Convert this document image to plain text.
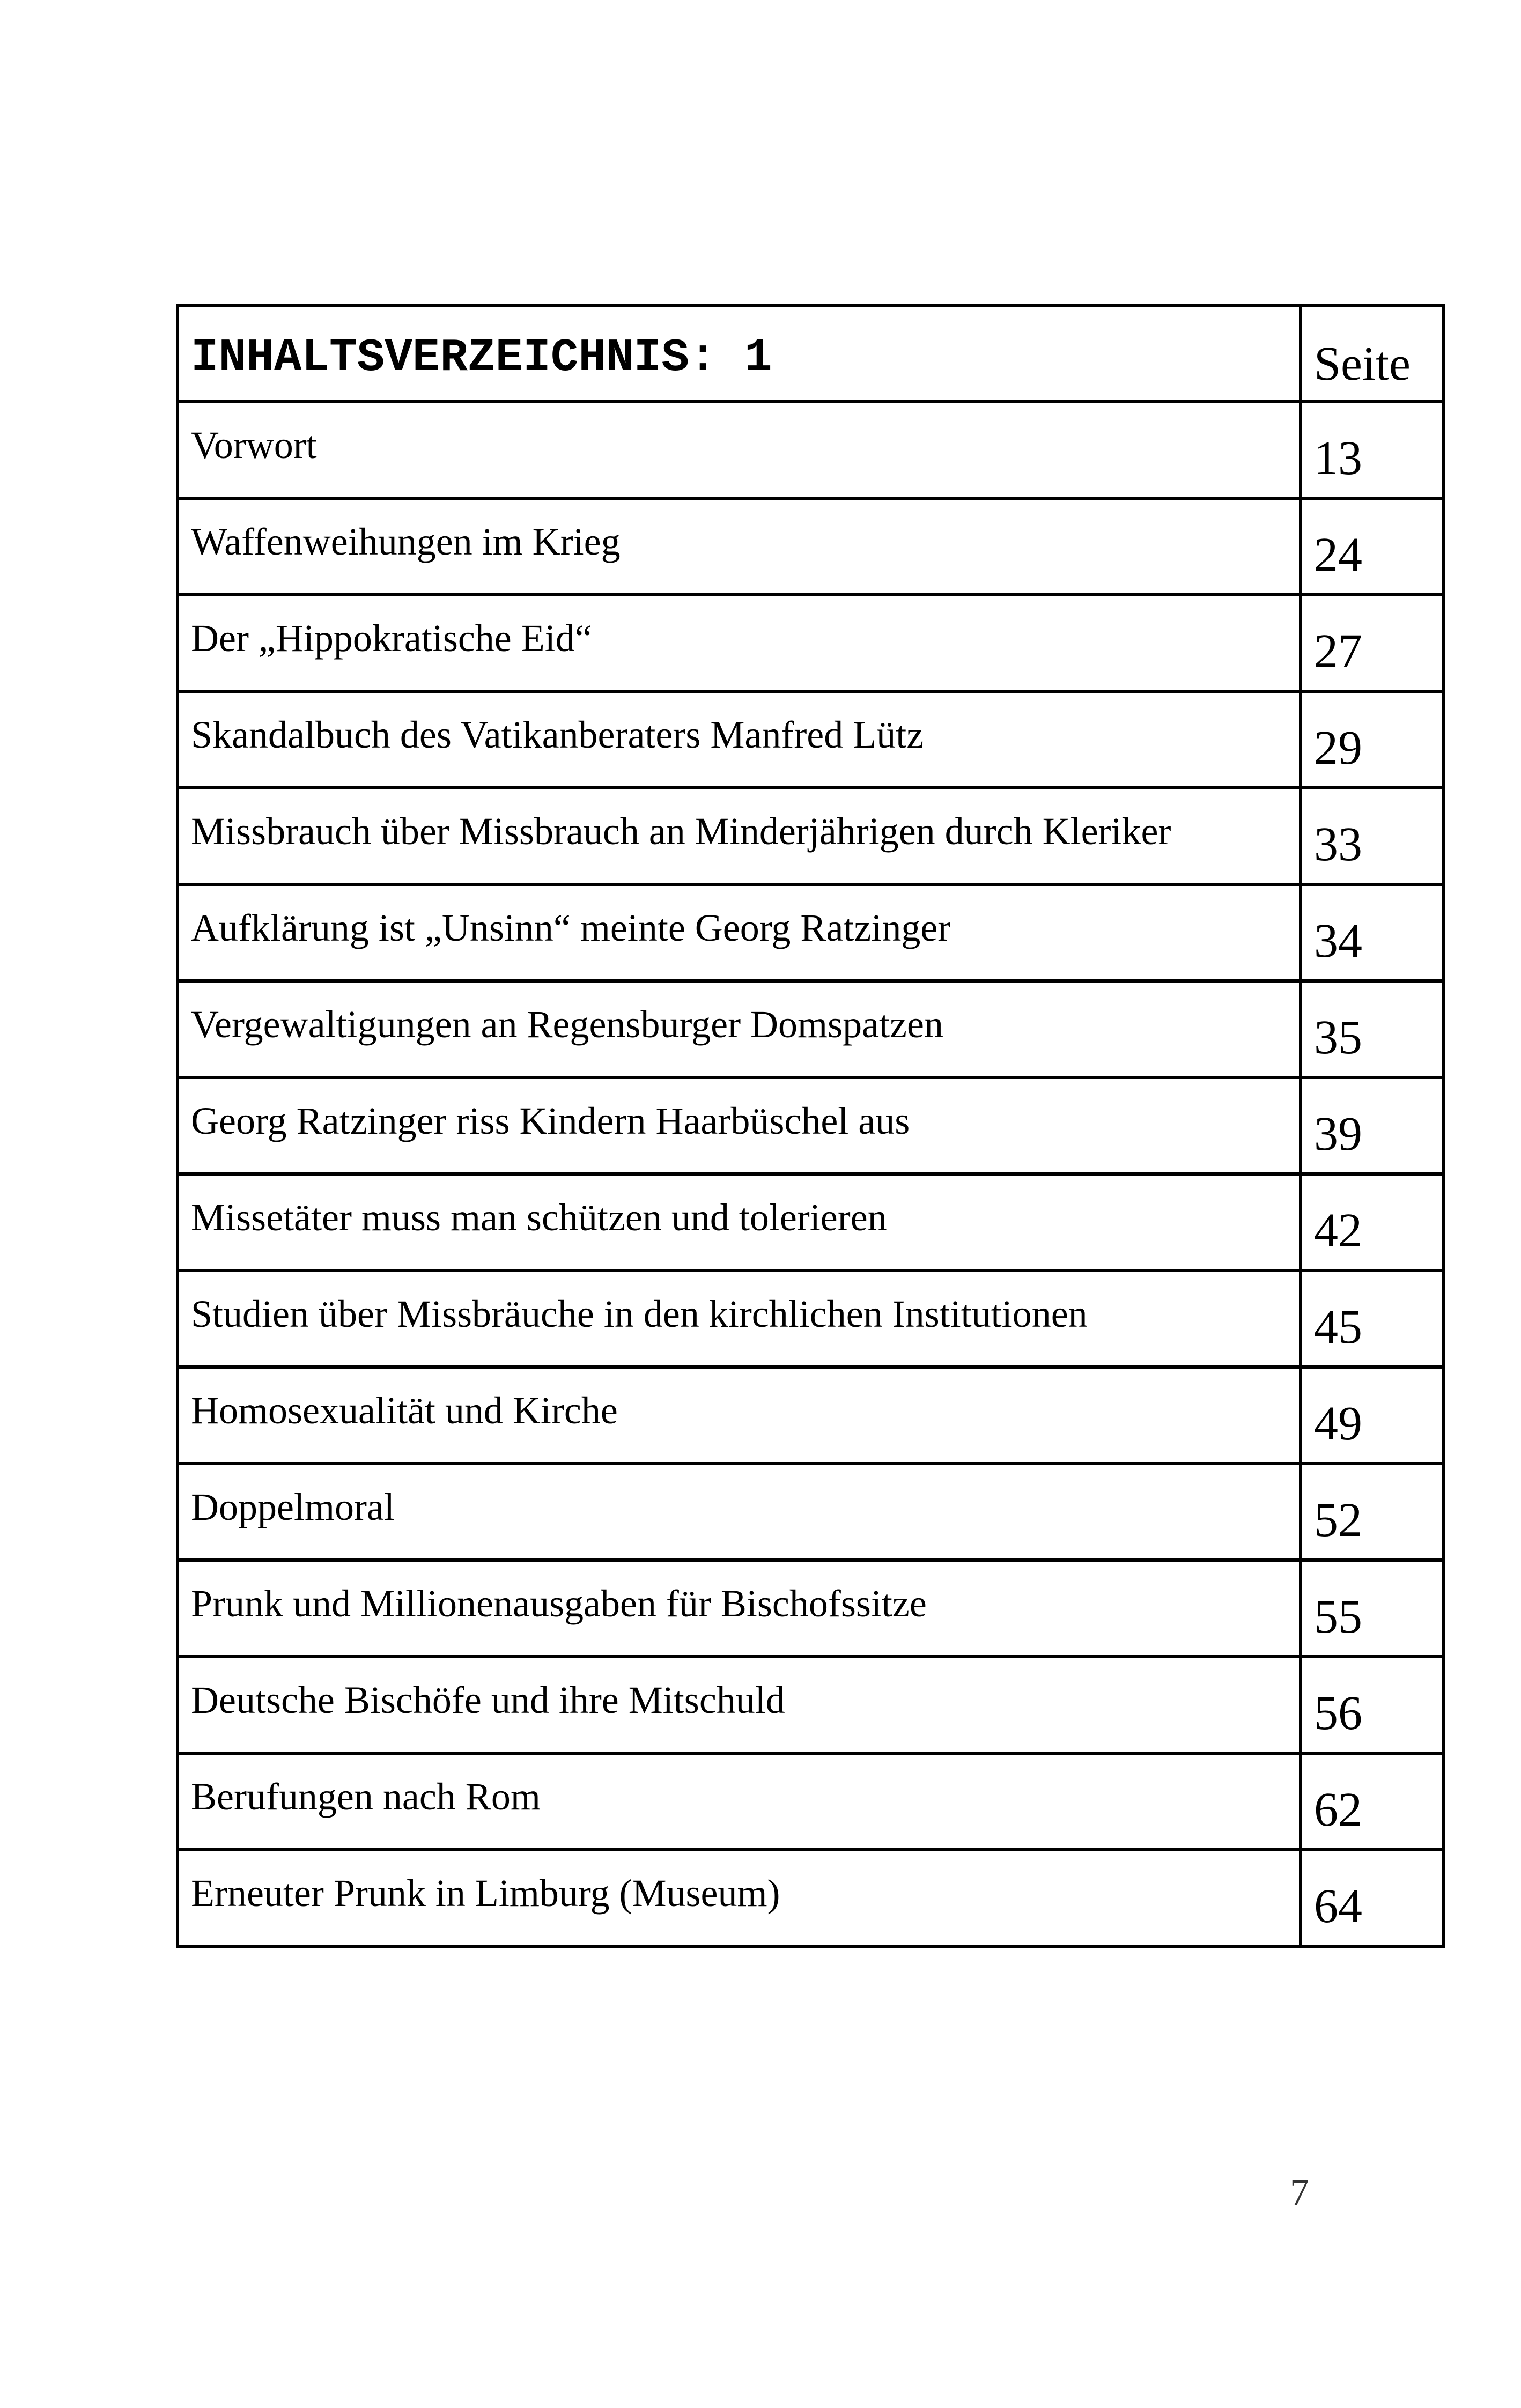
INHALTSVERZEICHNIS: 1	Seite

Vorwort	13

Waffenweihungen im Krieg	24

Der „Hippokratische Eid“	27

Skandalbuch des Vatikanberaters Manfred Lütz	29

Missbrauch über Missbrauch an Minderjährigen durch Kleriker	33

Aufklärung ist „Unsinn“ meinte Georg Ratzinger	34

Vergewaltigungen an Regensburger Domspatzen	35

Georg Ratzinger riss Kindern Haarbüschel aus	39

Missetäter muss man schützen und tolerieren	42

Studien über Missbräuche in den kirchlichen Institutionen	45

Homosexualität und Kirche	49

Doppelmoral	52

Prunk und Millionenausgaben für Bischofssitze	55

Deutsche Bischöfe und ihre Mitschuld	56

Berufungen nach Rom	62

Erneuter Prunk in Limburg (Museum)	64
7
